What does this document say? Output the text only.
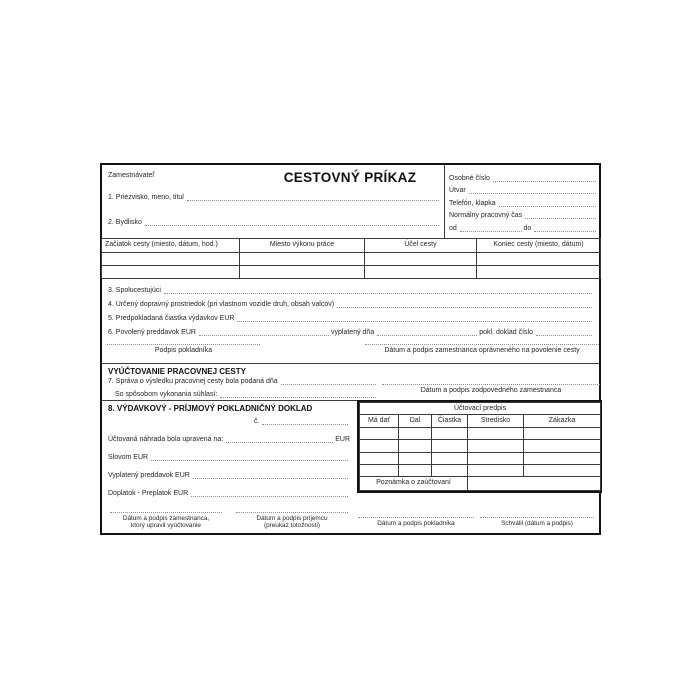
Zamestnávateľ	CESTOVNÝ PRÍKAZ	Osobné číslo
Útvar
Telefón, klapka
Normálny pracovný čas
od	do
1. Priezvisko, meno, titul
2. Bydlisko
Začiatok cesty (miesto, dátum, hod.)	Miesto výkonu práce	Účel cesty	Koniec cesty (miesto, dátum)

3. Spolucestujúci
4. Určený dopravný prostriedok (pri vlastnom vozidle druh, obsah valcov)
5. Predpokladaná čiastka výdavkov EUR
6. Povolený preddavok EUR	vyplatený dňa	pokl. doklad číslo
Podpis pokladníka	Dátum a podpis zamestnanca oprávneného na povolenie cesty
VYÚČTOVANIE PRACOVNEJ CESTY
7. Správa o výsledku pracovnej cesty bola podaná dňa
So spôsobom vykonania súhlasí:
Dátum a podpis zodpovedného zamestnanca
8. VÝDAVKOVÝ - PRÍJMOVÝ POKLADNIČNÝ DOKLAD
č.
Účtovaná náhrada bola upravená na:	EUR
Slovom EUR
Vyplatený preddavok EUR
Doplatok - Preplatok EUR
Účtovací predpis				
Má dať	Dal	Čiastka	Stredisko	Zákazka

Poznámka o zaúčtovaní				
Dátum a podpis zamestnanca,
ktorý upravil vyúčtovanie
Dátum a podpis príjemcu
(preukaz totožnosti)	Dátum a podpis pokladníka	Schválil (dátum a podpis)
